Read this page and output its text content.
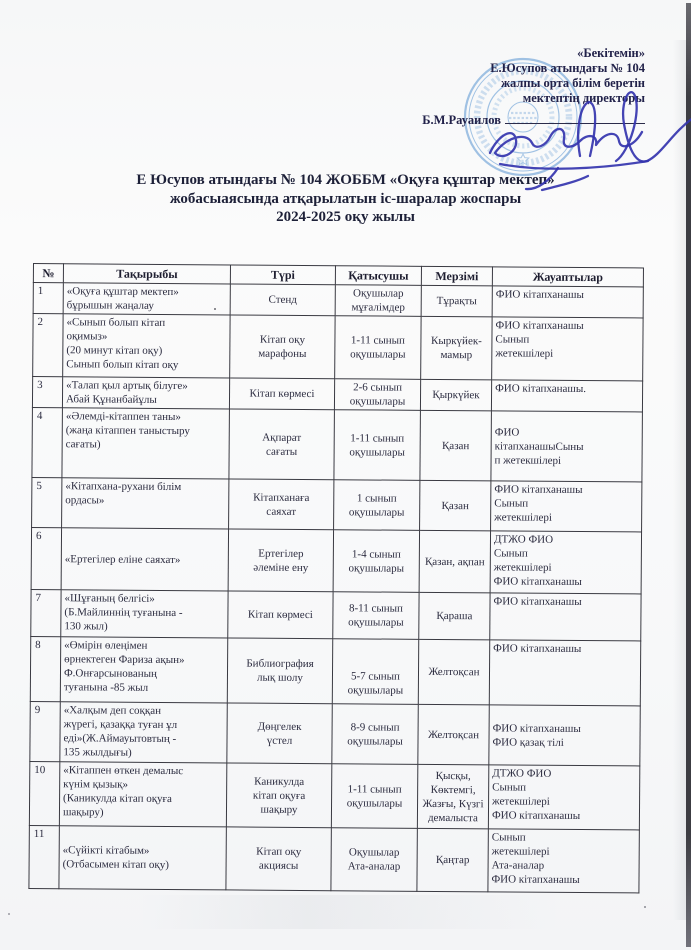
«Бекітемін»
Е.Юсупов атындағы № 104
жалпы орта білім беретін
мектептің директоры
Б.М.Рауаилов
Е Юсупов атындағы № 104 ЖОББМ «Оқуға құштар мектеп»
жобасыаясында атқарылатын іс-шаралар жоспары
2024-2025 оқу жылы
№	Тақырыбы	Түрі	Қатысушы	Мерзімі	Жауаптылар
1	«Оқуға құштар мектеп»
бұрышын жаңалау	Стенд	Оқушылар
мұғалімдер	Тұрақты	ФИО кітапханашы
2	«Сынып болып кітап
оқимыз»
(20 минут кітап оқу)
Сынып болып кітап оқу	Кітап оқу
марафоны	1-11 сынып
оқушылары	Кыркүйек-
мамыр	ФИО кітапханашы
Сынып
жетекшілері
3	«Талап қыл артық білуге»
Абай Құнанбайұлы	Кітап көрмесі	2-6 сынып
оқушылары	Қыркүйек	ФИО кітапханашы.
4	«Әлемді-кітаппен таны»
(жаңа кітаппен таныстыру
сағаты)	Ақпарат
сағаты	1-11 сынып
оқушылары	Қазан	ФИО
кітапханашыСыны
п жетекшілері
5	«Кітапхана-рухани білім
ордасы»	Кітапханаға
саяхат	1 сынып
оқушылары	Қазан	ФИО кітапханашы
Сынып
жетекшілері
6	«Ертегілер еліне саяхат»	Ертегілер
әлеміне ену	1-4 сынып
оқушылары	Қазан, ақпан	ДТЖО ФИО
Сынып
жетекшілері
ФИО кітапханашы
7	«Шұғаның белгісі»
(Б.Майлиннің туғанына -
130 жыл)	Кітап көрмесі	8-11 сынып
оқушылары	Қараша	ФИО кітапханашы
8	«Өмірін өлеңімен
өрнектеген Фариза ақын»
Ф.Онғарсынованың
туғанына -85 жыл	Библиография
лық шолу	5-7 сынып
оқушылары	Желтоқсан	ФИО кітапханашы
9	«Халқым деп соққан
жүрегі, қазаққа туған ұл
еді»(Ж.Аймауытовтың -
135 жылдығы)	Дөңгелек
үстел	8-9 сынып
оқушылары	Желтоқсан	ФИО кітапханашы
ФИО қазақ тілі
10	«Кітаппен өткен демалыс
күнім қызық»
(Каникулда кітап оқуға
шақыру)	Каникулда
кітап оқуға
шақыру	1-11 сынып
оқушылары	Қысқы,
Көктемгі,
Жазғы, Күзгі
демалыста	ДТЖО ФИО
Сынып
жетекшілері
ФИО кітапханашы
11	«Сүйікті кітабым»
(Отбасымен кітап оқу)	Кітап оқу
акциясы	Оқушылар
Ата-аналар	Қаңтар	Сынып
жетекшілері
Ата-аналар
ФИО кітапханашы
